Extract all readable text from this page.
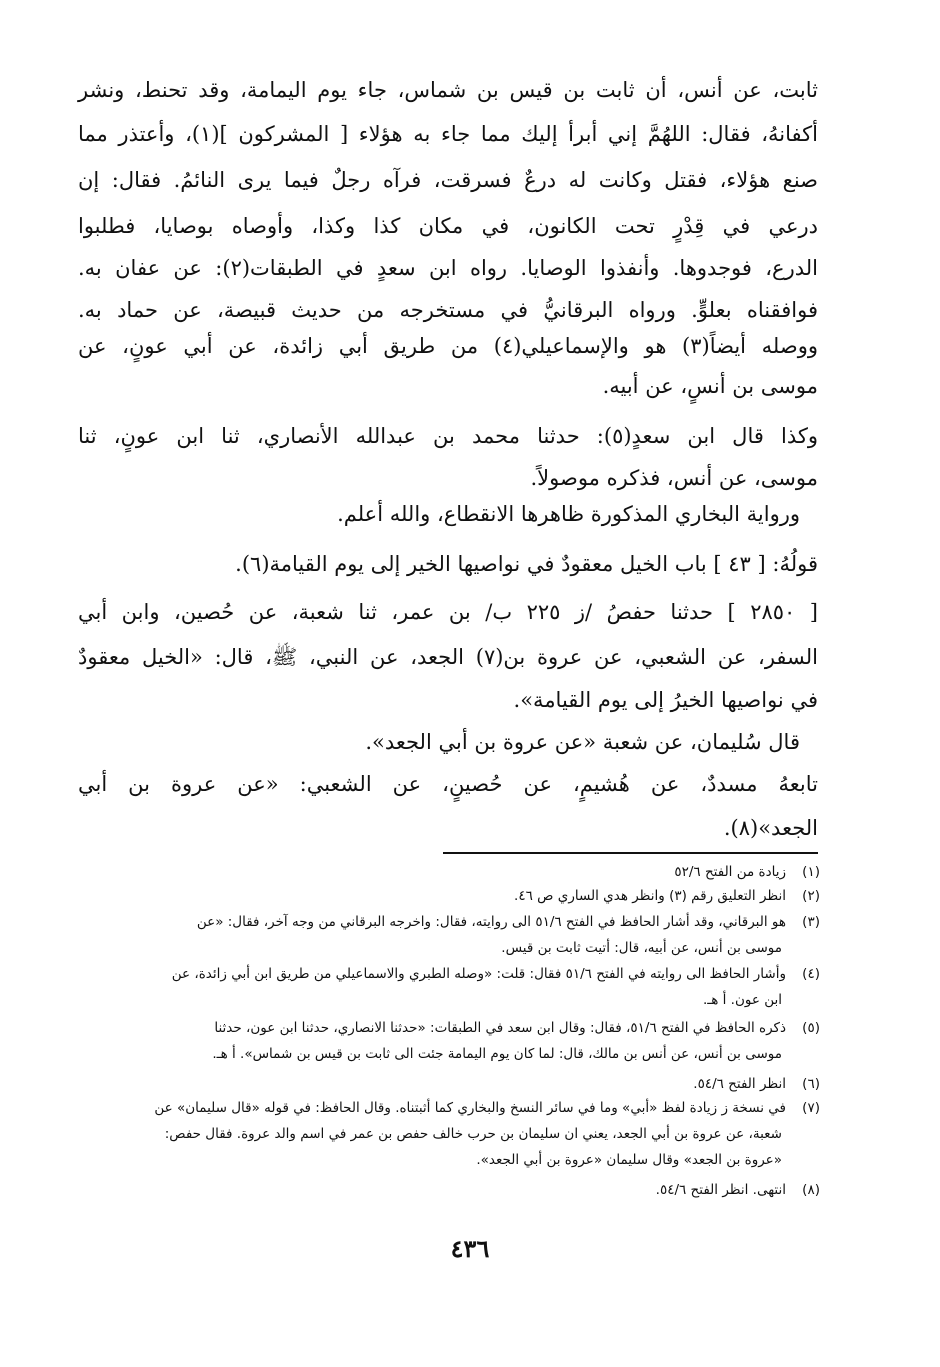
ثابت، عن أنس، أن ثابت بن قيس بن شماس، جاء يوم اليمامة، وقد تحنط، ونشر
أكفانهُ، فقال: اللهُمَّ إني أبرأ إليك مما جاء به هؤلاء [ المشركون ](١)، وأعتذر مما
صنع هؤلاء، فقتل وكانت له درعٌ فسرقت، فرآه رجلٌ فيما يرى النائمُ. فقال: إن
درعي في قِدْرٍ تحت الكانون، في مكان كذا وكذا، وأوصاه بوصايا، فطلبوا
الدرع، فوجدوها. وأنفذوا الوصايا. رواه ابن سعدٍ في الطبقات(٢): عن عفان به.
فوافقناه بعلوٍّ. ورواه البرقانيُّ في مستخرجه من حديث قبيصة، عن حماد به.
ووصله أيضاً(٣) هو والإسماعيلي(٤) من طريق أبي زائدة، عن أبي عونٍ، عن
موسى بن أنسٍ، عن أبيه.
وكذا قال ابن سعدٍ(٥): حدثنا محمد بن عبدالله الأنصاري، ثنا ابن عونٍ، ثنا
موسى، عن أنس، فذكره موصولاً.
ورواية البخاري المذكورة ظاهرها الانقطاع، والله أعلم.
قولُهُ: [ ٤٣ ] باب الخيل معقودٌ في نواصيها الخير إلى يوم القيامة(٦).
[ ٢٨٥٠ ] حدثنا حفصُ /ز ٢٢٥ ب/ بن عمر، ثنا شعبة، عن حُصين، وابن أبي
السفر، عن الشعبي، عن عروة بن(٧) الجعد، عن النبي، ﷺ، قال: «الخيل معقودٌ
في نواصيها الخيرُ إلى يوم القيامة».
قال سُليمان، عن شعبة «عن عروة بن أبي الجعد».
تابعهُ مسددٌ، عن هُشيمٍ، عن حُصينٍ، عن الشعبي: «عن عروة بن أبي
الجعد»(٨).
(١)زيادة من الفتح ٥٢/٦
(٢)انظر التعليق رقم (٣) وانظر هدي الساري ص ٤٦.
(٣)هو البرقاني، وقد أشار الحافظ في الفتح ٥١/٦ الى روايته، فقال: واخرجه البرقاني من وجه آخر، فقال: «عن
موسى بن أنس، عن أبيه، قال: أتيت ثابت بن قيس.
(٤)وأشار الحافظ الى روايته في الفتح ٥١/٦ فقال: قلت: «وصله الطبري والاسماعيلي من طريق ابن أبي زائدة، عن
ابن عون. أ هـ.
(٥)ذكره الحافظ في الفتح ٥١/٦، فقال: وقال ابن سعد في الطبقات: «حدثنا الانصاري، حدثنا ابن عون، حدثنا
موسى بن أنس، عن أنس بن مالك، قال: لما كان يوم اليمامة جئت الى ثابت بن قيس بن شماس». أ هـ.
(٦)انظر الفتح ٥٤/٦.
(٧)في نسخة ز زيادة لفظ «أبي» وما في سائر النسخ والبخاري كما أثبتناه. وقال الحافظ: في قوله «قال سليمان» عن
شعبة، عن عروة بن أبي الجعد، يعني ان سليمان بن حرب خالف حفص بن عمر في اسم والد عروة. فقال حفص:
«عروة بن الجعد» وقال سليمان «عروة بن أبي الجعد».
(٨)انتهى. انظر الفتح ٥٤/٦.
٤٣٦
